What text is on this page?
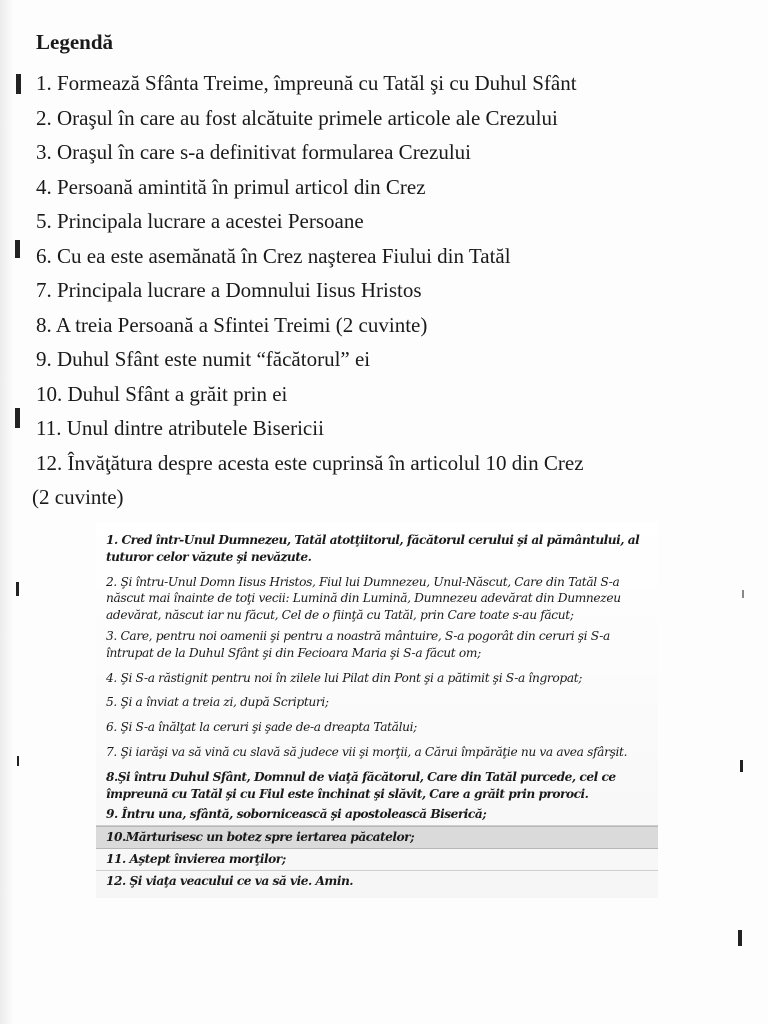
Legendă
1. Formează Sfânta Treime, împreună cu Tatăl şi cu Duhul Sfânt
2. Oraşul în care au fost alcătuite primele articole ale Crezului
3. Oraşul în care s-a definitivat formularea Crezului
4. Persoană amintită în primul articol din Crez
5. Principala lucrare a acestei Persoane
6. Cu ea este asemănată în Crez naşterea Fiului din Tatăl
7. Principala lucrare a Domnului Iisus Hristos
8. A treia Persoană a Sfintei Treimi (2 cuvinte)
9. Duhul Sfânt este numit “făcătorul” ei
10. Duhul Sfânt a grăit prin ei
11. Unul dintre atributele Bisericii
12. Învăţătura despre acesta este cuprinsă în articolul 10 din Crez
(2 cuvinte)

1. Cred într-Unul Dumnezeu, Tatăl atotţiitorul, făcătorul cerului şi al pământului, al tuturor celor văzute şi nevăzute.

2. Şi întru-Unul Domn Iisus Hristos, Fiul lui Dumnezeu, Unul-Născut, Care din Tatăl S-a născut mai înainte de toţi vecii: Lumină din Lumină, Dumnezeu adevărat din Dumnezeu adevărat, născut iar nu făcut, Cel de o fiinţă cu Tatăl, prin Care toate s-au făcut;

3. Care, pentru noi oamenii şi pentru a noastră mântuire, S-a pogorât din ceruri şi S-a întrupat de la Duhul Sfânt şi din Fecioara Maria şi S-a făcut om;

4. Şi S-a răstignit pentru noi în zilele lui Pilat din Pont şi a pătimit şi S-a îngropat;

5. Şi a înviat a treia zi, după Scripturi;

6. Şi S-a înălţat la ceruri şi şade de-a dreapta Tatălui;

7. Şi iarăşi va să vină cu slavă să judece vii şi morţii, a Cărui împărăţie nu va avea sfârşit.

8.Şi întru Duhul Sfânt, Domnul de viaţă făcătorul, Care din Tatăl purcede, cel ce împreună cu Tatăl şi cu Fiul este închinat şi slăvit, Care a grăit prin proroci.

9. Întru una, sfântă, sobornicească şi apostolească Biserică;

10.Mărturisesc un botez spre iertarea păcatelor;

11. Aştept învierea morţilor;

12. Şi viaţa veacului ce va să vie. Amin.
